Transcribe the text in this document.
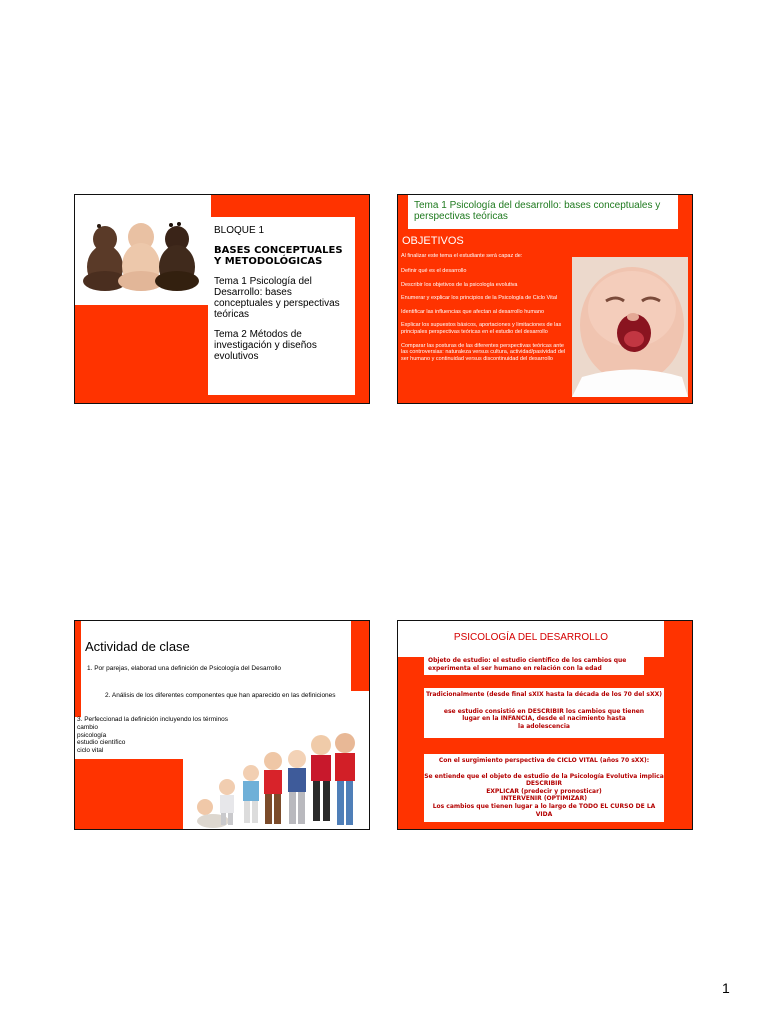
BLOQUE 1

BASES CONCEPTUALES Y METODOLÓGICAS

Tema 1 Psicología del Desarrollo: bases conceptuales y perspectivas teóricas

Tema 2 Métodos de investigación y diseños evolutivos

Tema 1 Psicología del desarrollo: bases conceptuales y perspectivas teóricas
OBJETIVOS
Al finalizar este tema el estudiante será capaz de:
Definir qué es el desarrollo
Describir los objetivos de la psicología evolutiva
Enumerar y explicar los principios de la Psicología de Ciclo Vital
Identificar las influencias que afectan al desarrollo humano
Explicar los supuestos básicos, aportaciones y limitaciones de las principales perspectivas teóricas en el estudio del desarrollo
Comparar las posturas de las diferentes perspectivas teóricas ante las controversias: naturaleza versus cultura, actividad/pasividad del ser humano y continuidad versus discontinuidad del desarrollo
Actividad de clase
1. Por parejas, elaborad una definición de Psicología del Desarrollo
2. Análisis de los diferentes componentes que han aparecido en las definiciones
3. Perfeccionad la definición incluyendo los términos
cambio
psicología
estudio científico
ciclo vital
PSICOLOGÍA DEL DESARROLLO
Objeto de estudio: el estudio científico de los cambios que
experimenta el ser humano en relación con la edad
Tradicionalmente (desde final sXIX hasta la década de los 70 del sXX)
ese estudio consistió en DESCRIBIR los cambios que tienen
lugar en la INFANCIA, desde el nacimiento hasta
la adolescencia
Con el surgimiento perspectiva de CICLO VITAL (años 70 sXX):
Se entiende que el objeto de estudio de la Psicología Evolutiva implica
DESCRIBIR
EXPLICAR (predecir y pronosticar)
INTERVENIR (OPTIMIZAR)
Los cambios que tienen lugar a lo largo de TODO EL CURSO DE LA VIDA
1
